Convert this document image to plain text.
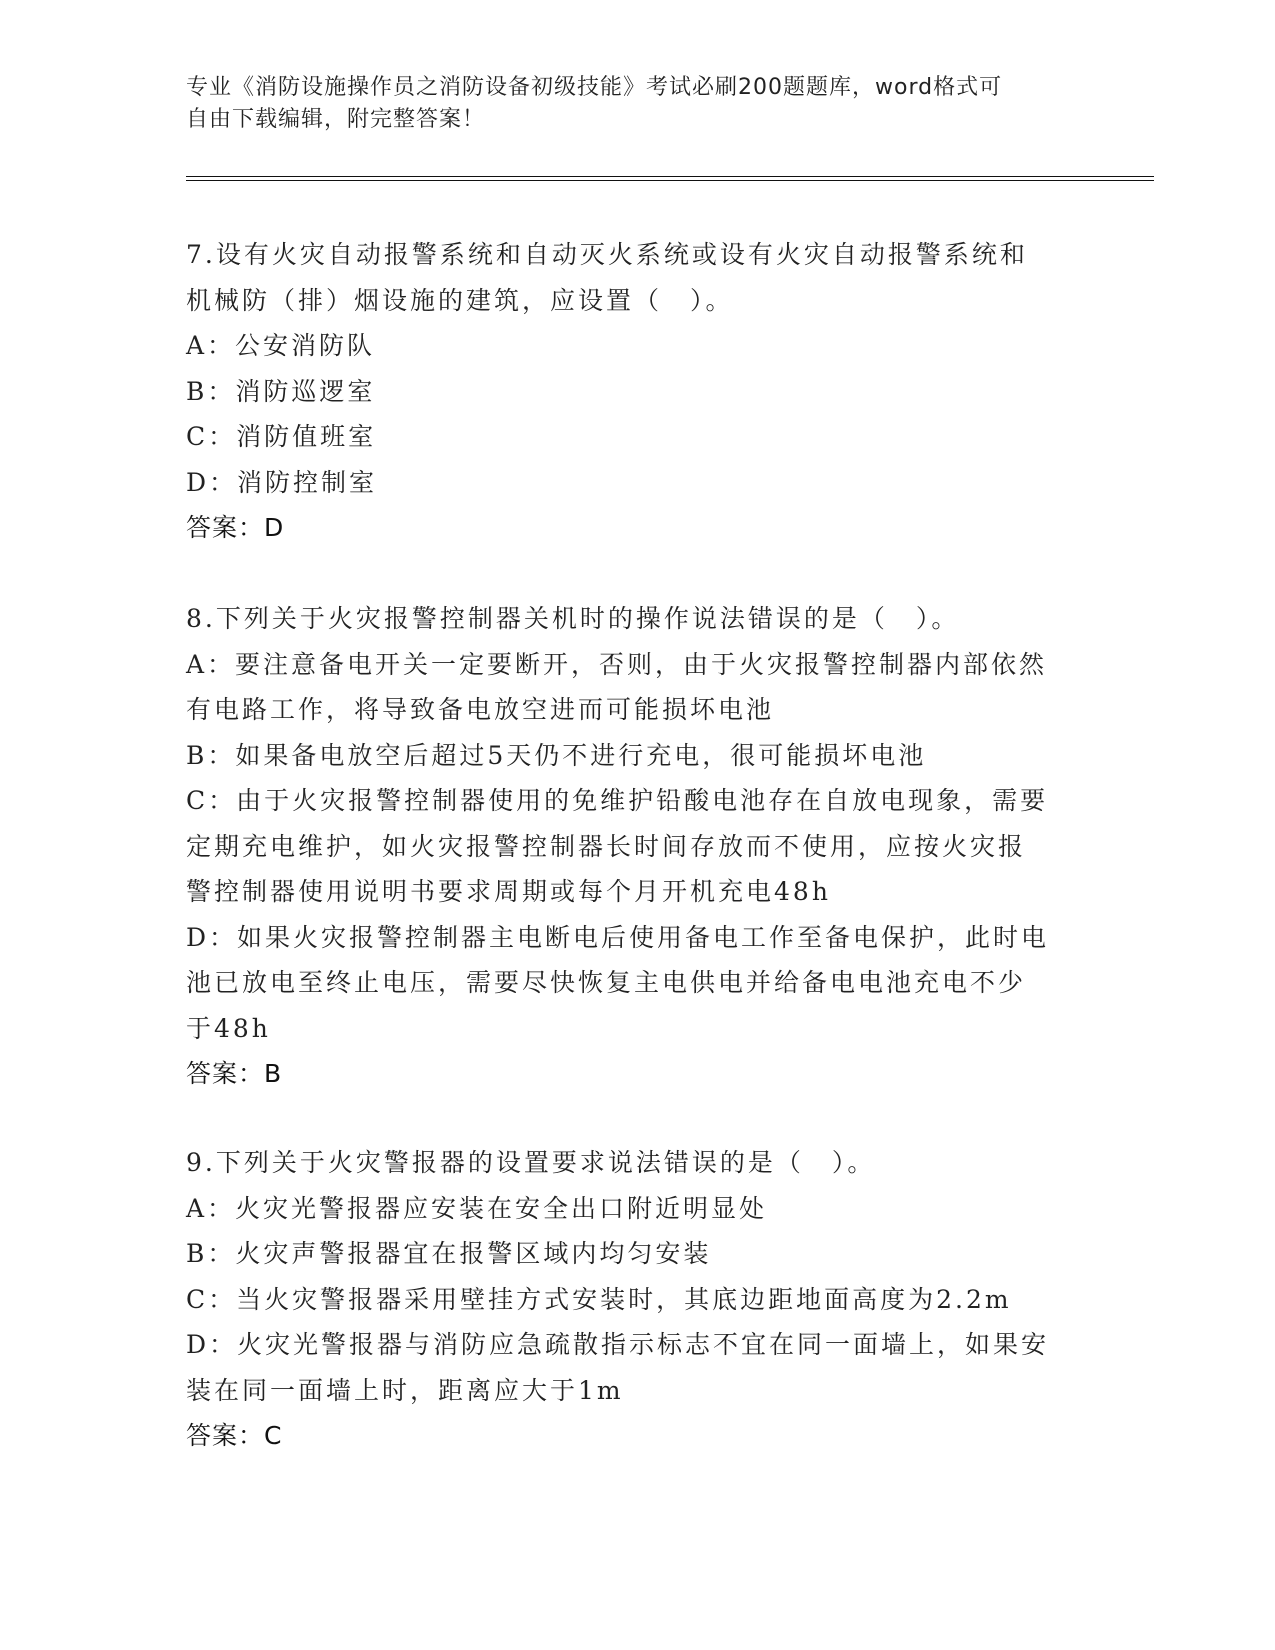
专业《消防设施操作员之消防设备初级技能》考试必刷200题题库，word格式可
自由下载编辑，附完整答案！
7.设有火灾自动报警系统和自动灭火系统或设有火灾自动报警系统和
机械防（排）烟设施的建筑，应设置（　）。
A：公安消防队
B：消防巡逻室
C：消防值班室
D：消防控制室
答案：D
8.下列关于火灾报警控制器关机时的操作说法错误的是（　）。
A：要注意备电开关一定要断开，否则，由于火灾报警控制器内部依然
有电路工作，将导致备电放空进而可能损坏电池
B：如果备电放空后超过5天仍不进行充电，很可能损坏电池
C：由于火灾报警控制器使用的免维护铅酸电池存在自放电现象，需要
定期充电维护，如火灾报警控制器长时间存放而不使用，应按火灾报
警控制器使用说明书要求周期或每个月开机充电48h
D：如果火灾报警控制器主电断电后使用备电工作至备电保护，此时电
池已放电至终止电压，需要尽快恢复主电供电并给备电电池充电不少
于48h
答案：B
9.下列关于火灾警报器的设置要求说法错误的是（　）。
A：火灾光警报器应安装在安全出口附近明显处
B：火灾声警报器宜在报警区域内均匀安装
C：当火灾警报器采用壁挂方式安装时，其底边距地面高度为2.2m
D：火灾光警报器与消防应急疏散指示标志不宜在同一面墙上，如果安
装在同一面墙上时，距离应大于1m
答案：C
